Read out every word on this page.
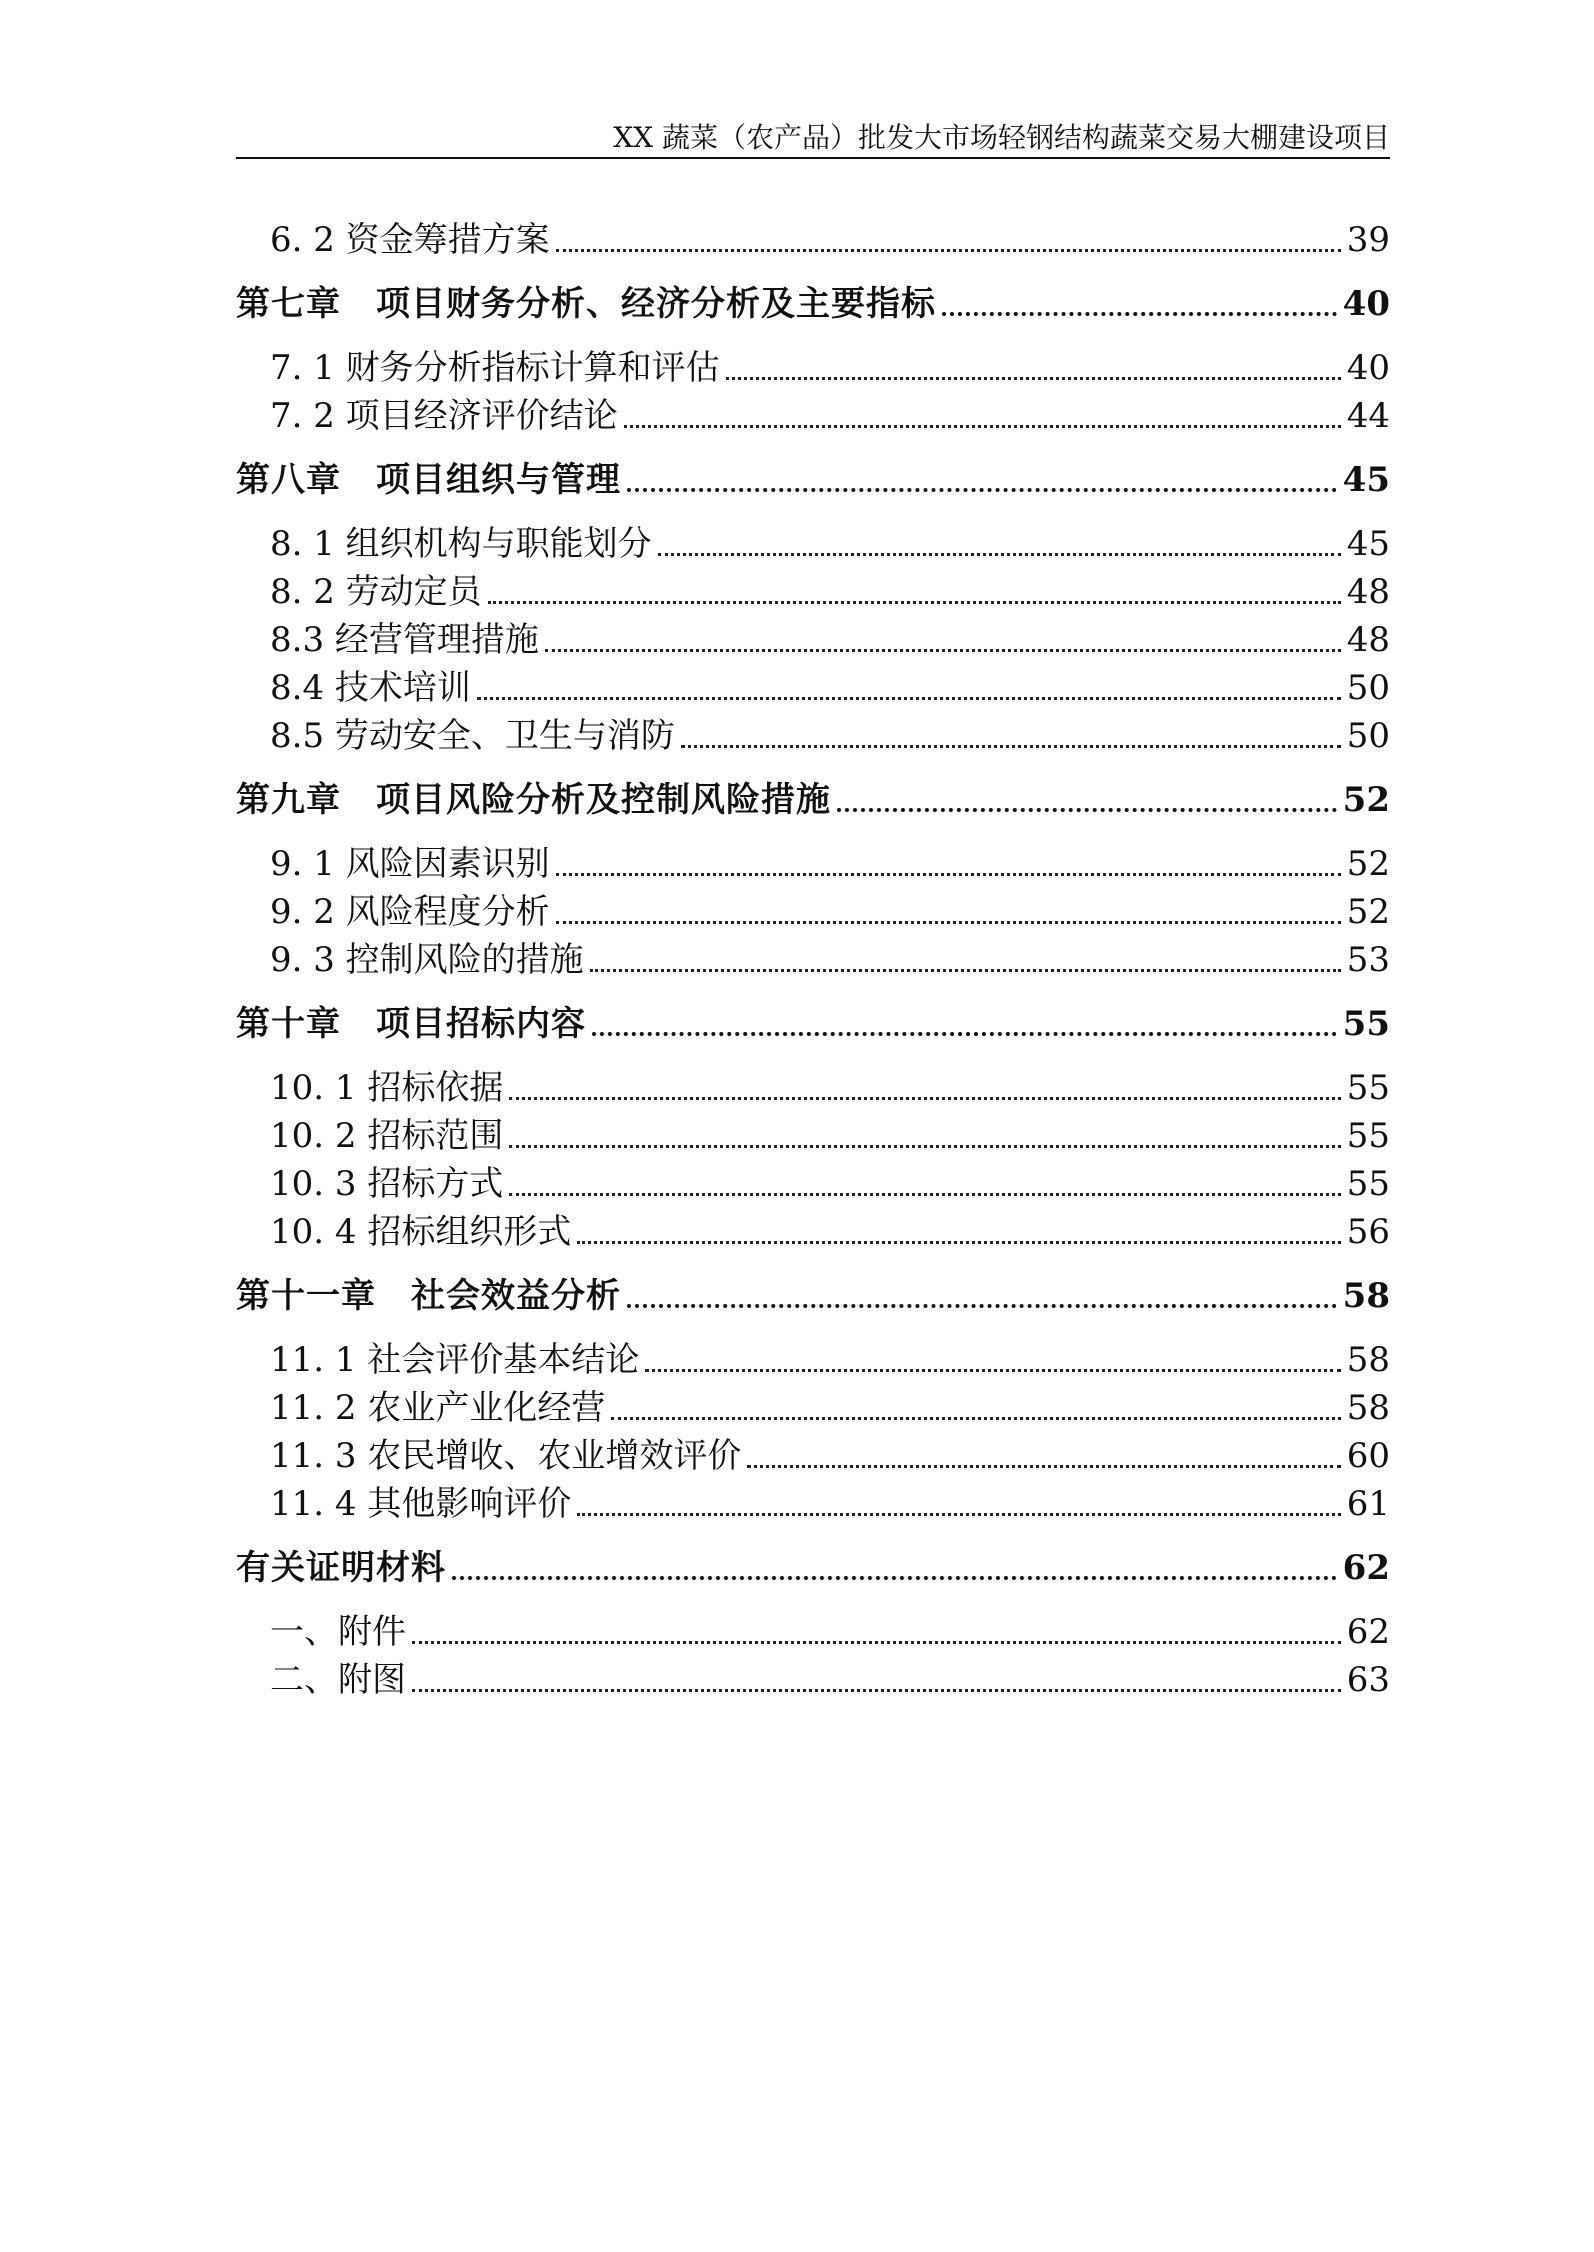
XX 蔬菜（农产品）批发大市场轻钢结构蔬菜交易大棚建设项目
6. 2 资金筹措方案	39
第七章　项目财务分析、经济分析及主要指标	40
7. 1 财务分析指标计算和评估	40
7. 2 项目经济评价结论	44
第八章　项目组织与管理	45
8. 1 组织机构与职能划分	45
8. 2 劳动定员	48
8.3 经营管理措施	48
8.4 技术培训	50
8.5 劳动安全、卫生与消防	50
第九章　项目风险分析及控制风险措施	52
9. 1 风险因素识别	52
9. 2 风险程度分析	52
9. 3 控制风险的措施	53
第十章　项目招标内容	55
10. 1 招标依据	55
10. 2 招标范围	55
10. 3 招标方式	55
10. 4 招标组织形式	56
第十一章　社会效益分析	58
11. 1 社会评价基本结论	58
11. 2 农业产业化经营	58
11. 3 农民增收、农业增效评价	60
11. 4 其他影响评价	61
有关证明材料	62
一、附件	62
二、附图	63
